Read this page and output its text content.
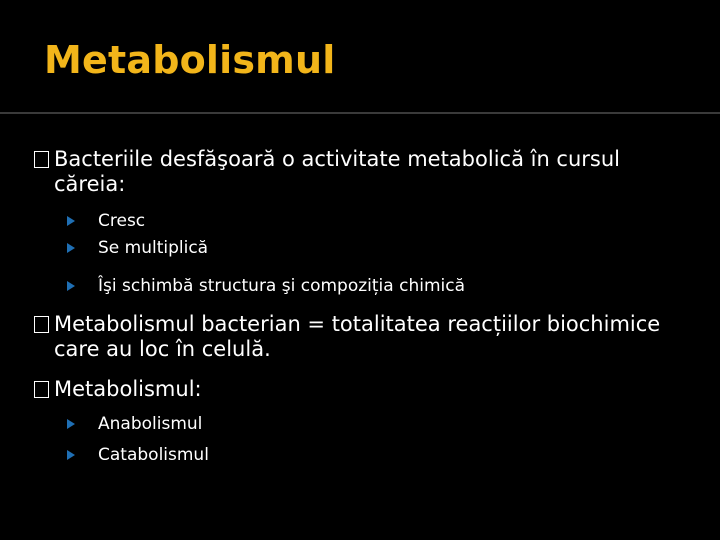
Metabolismul
Bacteriile desfăşoară o activitate metabolică în cursul căreia:
Cresc
Se multiplică
Îşi schimbă structura şi compoziția chimică
Metabolismul bacterian = totalitatea reacțiilor biochimice care au loc în celulă.
Metabolismul:
Anabolismul
Catabolismul
